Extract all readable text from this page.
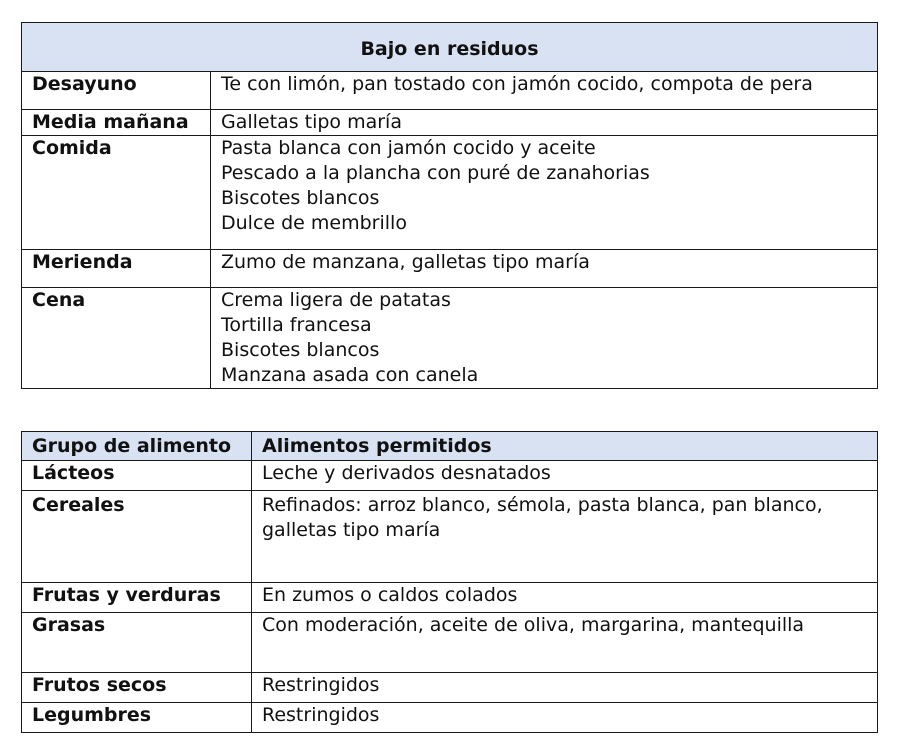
Bajo en residuos	
Desayuno	Te con limón, pan tostado con jamón cocido, compota de pera

Media mañana	Galletas tipo maría

Comida	Pasta blanca con jamón cocido y aceite
Pescado a la plancha con puré de zanahorias
Biscotes blancos
Dulce de membrillo

Merienda	Zumo de manzana, galletas tipo maría

Cena	Crema ligera de patatas
Tortilla francesa
Biscotes blancos
Manzana asada con canela
Grupo de alimento	Alimentos permitidos
Lácteos	Leche y derivados desnatados

Cereales	Refinados: arroz blanco, sémola, pasta blanca, pan blanco,
galletas tipo maría

Frutas y verduras	En zumos o caldos colados

Grasas	Con moderación, aceite de oliva, margarina, mantequilla

Frutos secos	Restringidos

Legumbres	Restringidos
